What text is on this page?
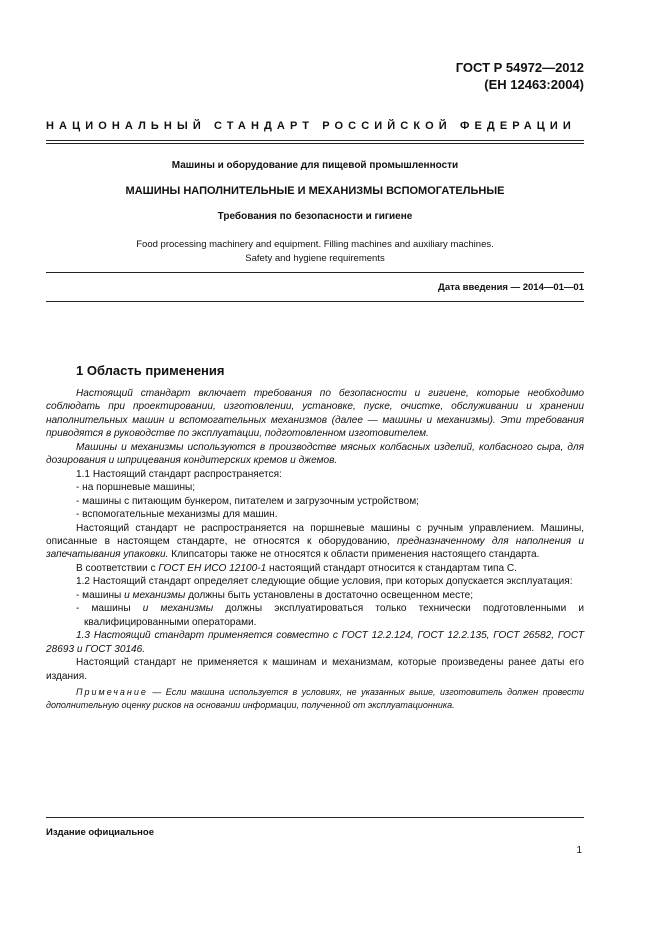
ГОСТ Р 54972—2012
(ЕН 12463:2004)
НАЦИОНАЛЬНЫЙ СТАНДАРТ РОССИЙСКОЙ ФЕДЕРАЦИИ
Машины и оборудование для пищевой промышленности
МАШИНЫ НАПОЛНИТЕЛЬНЫЕ И МЕХАНИЗМЫ ВСПОМОГАТЕЛЬНЫЕ
Требования по безопасности и гигиене
Food processing machinery and equipment. Filling machines and auxiliary machines.
Safety and hygiene requirements
Дата введения — 2014—01—01
1 Область применения

Настоящий стандарт включает требования по безопасности и гигиене, которые необходимо соблюдать при проектировании, изготовлении, установке, пуске, очистке, обслуживании и хранении наполнительных машин и вспомогательных механизмов (далее — машины и механизмы). Эти требования приводятся в руководстве по эксплуатации, подготовленном изготовителем.

Машины и механизмы используются в производстве мясных колбасных изделий, колбасного сыра, для дозирования и шприцевания кондитерских кремов и джемов.

1.1 Настоящий стандарт распространяется:

- на поршневые машины;

- машины с питающим бункером, питателем и загрузочным устройством;

- вспомогательные механизмы для машин.

Настоящий стандарт не распространяется на поршневые машины с ручным управлением. Машины, описанные в настоящем стандарте, не относятся к оборудованию, предназначенному для наполнения и запечатывания упаковки. Клипсаторы также не относятся к области применения настоящего стандарта.

В соответствии с ГОСТ ЕН ИСО 12100-1 настоящий стандарт относится к стандартам типа С.

1.2 Настоящий стандарт определяет следующие общие условия, при которых допускается эксплуатация:

- машины и механизмы должны быть установлены в достаточно освещенном месте;

- машины и механизмы должны эксплуатироваться только технически подготовленными и квалифицированными операторами.

1.3 Настоящий стандарт применяется совместно с ГОСТ 12.2.124, ГОСТ 12.2.135, ГОСТ 26582, ГОСТ 28693 и ГОСТ 30146.

Настоящий стандарт не применяется к машинам и механизмам, которые произведены ранее даты его издания.

Примечание — Если машина используется в условиях, не указанных выше, изготовитель должен провести дополнительную оценку рисков на основании информации, полученной от эксплуатационника.

Издание официальное
1
